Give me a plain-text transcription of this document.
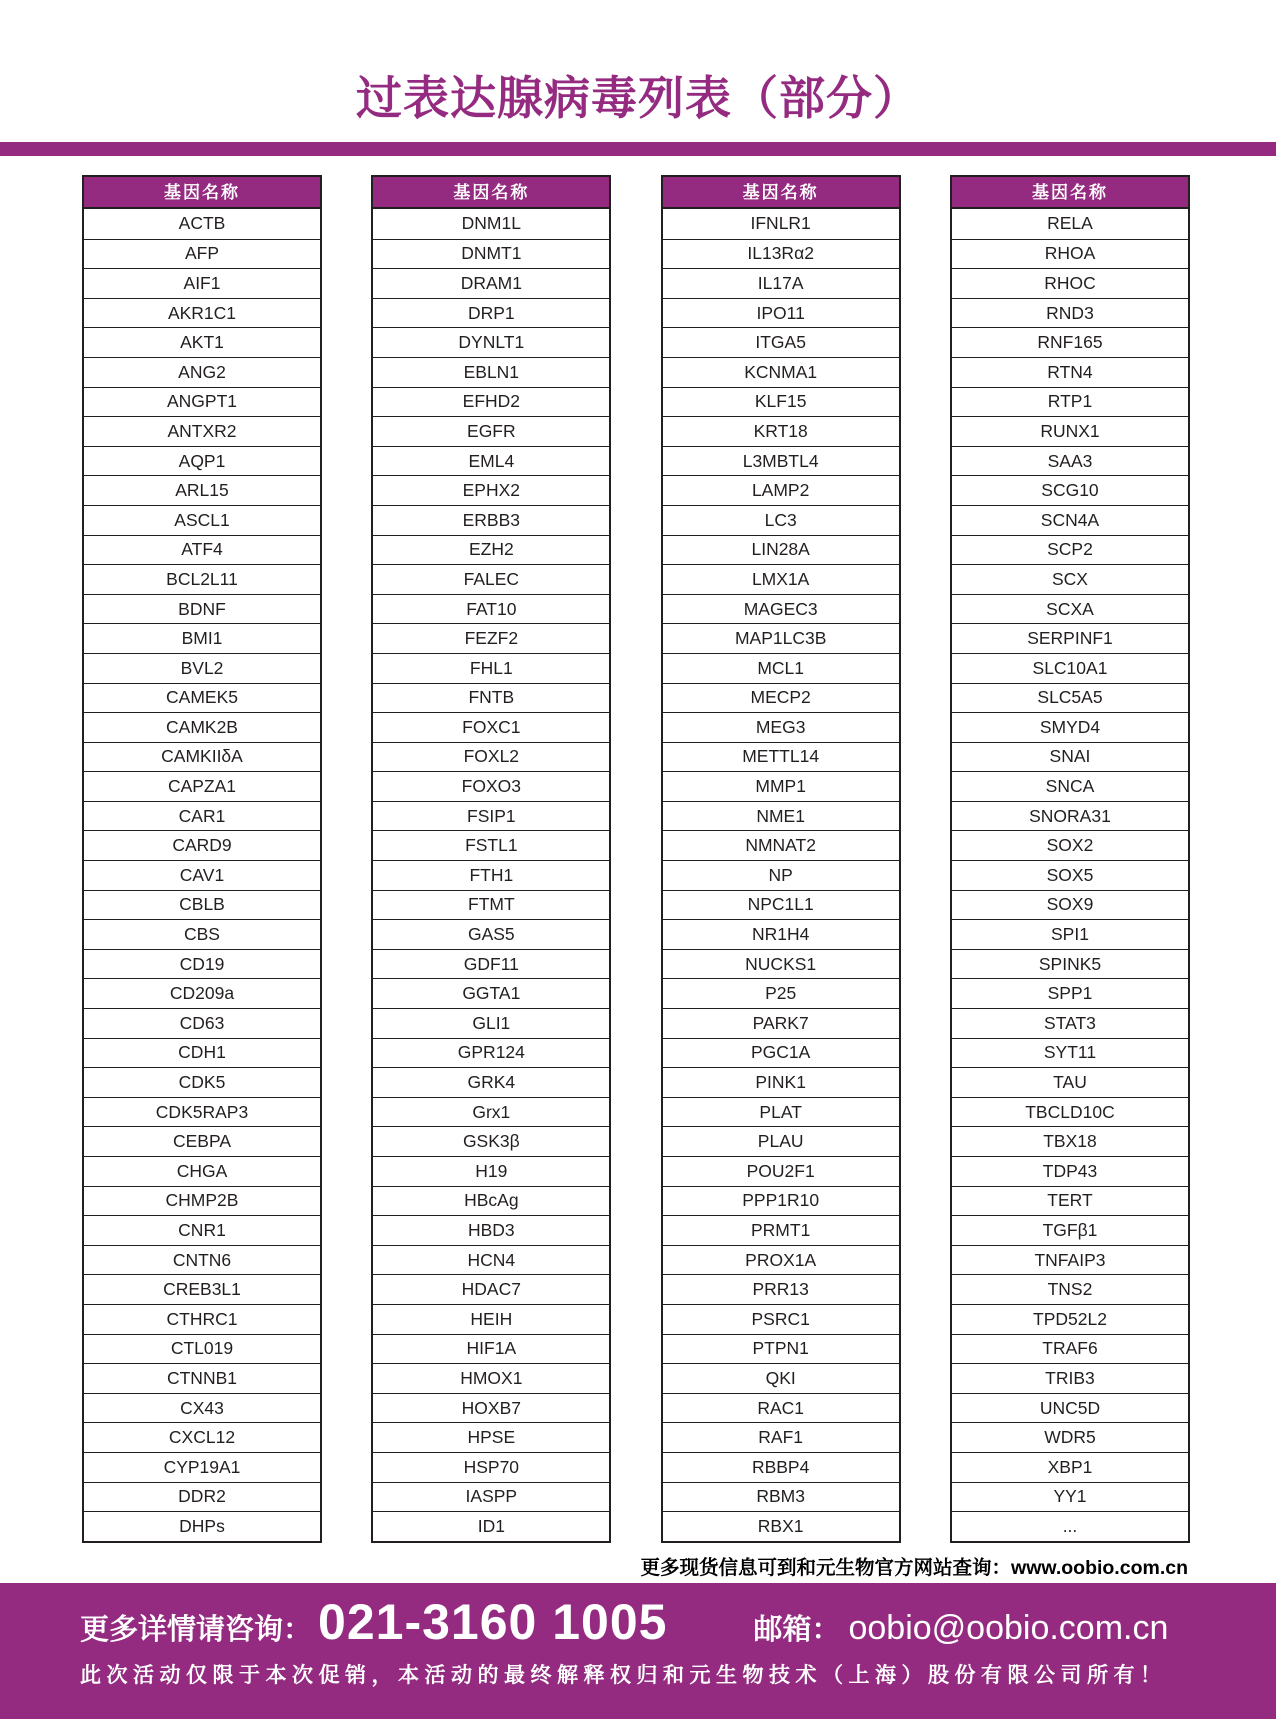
过表达腺病毒列表（部分）
基因名称
ACTB
AFP
AIF1
AKR1C1
AKT1
ANG2
ANGPT1
ANTXR2
AQP1
ARL15
ASCL1
ATF4
BCL2L11
BDNF
BMI1
BVL2
CAMEK5
CAMK2B
CAMKIIδA
CAPZA1
CAR1
CARD9
CAV1
CBLB
CBS
CD19
CD209a
CD63
CDH1
CDK5
CDK5RAP3
CEBPA
CHGA
CHMP2B
CNR1
CNTN6
CREB3L1
CTHRC1
CTL019
CTNNB1
CX43
CXCL12
CYP19A1
DDR2
DHPs
基因名称
DNM1L
DNMT1
DRAM1
DRP1
DYNLT1
EBLN1
EFHD2
EGFR
EML4
EPHX2
ERBB3
EZH2
FALEC
FAT10
FEZF2
FHL1
FNTB
FOXC1
FOXL2
FOXO3
FSIP1
FSTL1
FTH1
FTMT
GAS5
GDF11
GGTA1
GLI1
GPR124
GRK4
Grx1
GSK3β
H19
HBcAg
HBD3
HCN4
HDAC7
HEIH
HIF1A
HMOX1
HOXB7
HPSE
HSP70
IASPP
ID1
基因名称
IFNLR1
IL13Rα2
IL17A
IPO11
ITGA5
KCNMA1
KLF15
KRT18
L3MBTL4
LAMP2
LC3
LIN28A
LMX1A
MAGEC3
MAP1LC3B
MCL1
MECP2
MEG3
METTL14
MMP1
NME1
NMNAT2
NP
NPC1L1
NR1H4
NUCKS1
P25
PARK7
PGC1A
PINK1
PLAT
PLAU
POU2F1
PPP1R10
PRMT1
PROX1A
PRR13
PSRC1
PTPN1
QKI
RAC1
RAF1
RBBP4
RBM3
RBX1
基因名称
RELA
RHOA
RHOC
RND3
RNF165
RTN4
RTP1
RUNX1
SAA3
SCG10
SCN4A
SCP2
SCX
SCXA
SERPINF1
SLC10A1
SLC5A5
SMYD4
SNAI
SNCA
SNORA31
SOX2
SOX5
SOX9
SPI1
SPINK5
SPP1
STAT3
SYT11
TAU
TBCLD10C
TBX18
TDP43
TERT
TGFβ1
TNFAIP3
TNS2
TPD52L2
TRAF6
TRIB3
UNC5D
WDR5
XBP1
YY1
...
更多现货信息可到和元生物官方网站查询：www.oobio.com.cn
更多详情请咨询： 021-3160 1005	邮箱： oobio@oobio.com.cn
此次活动仅限于本次促销，本活动的最终解释权归和元生物技术（上海）股份有限公司所有！
